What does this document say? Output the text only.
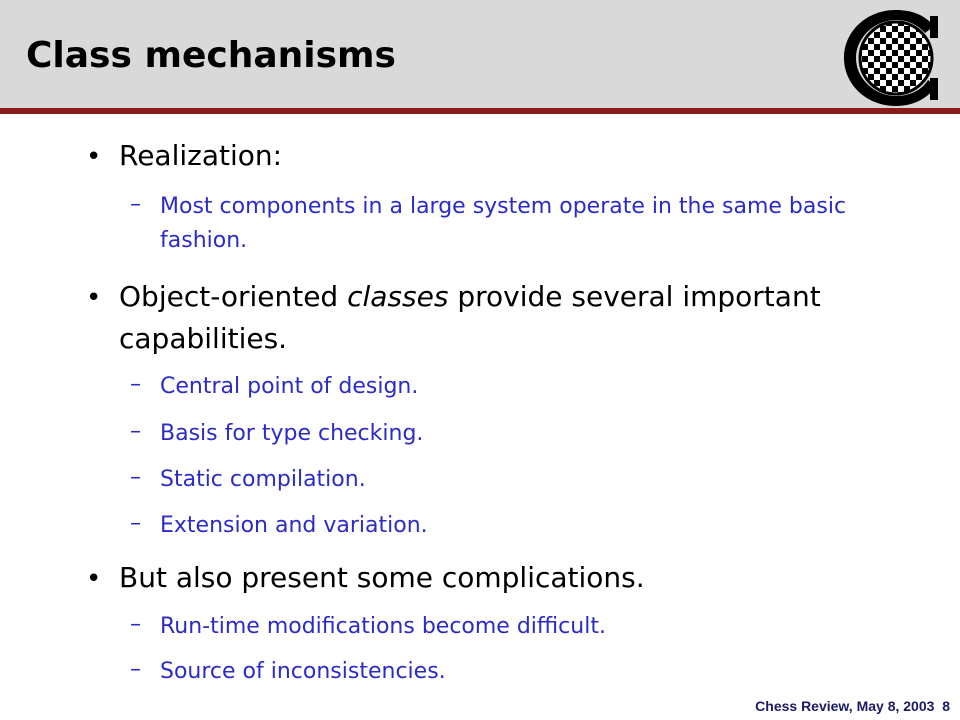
Class mechanisms
• Realization:
– Most components in a large system operate in the same basic fashion.
• Object-oriented classes provide several important capabilities.
– Central point of design.
– Basis for type checking.
– Static compilation.
– Extension and variation.
• But also present some complications.
– Run-time modifications become difficult.
– Source of inconsistencies.
Chess Review, May 8, 2003 8
